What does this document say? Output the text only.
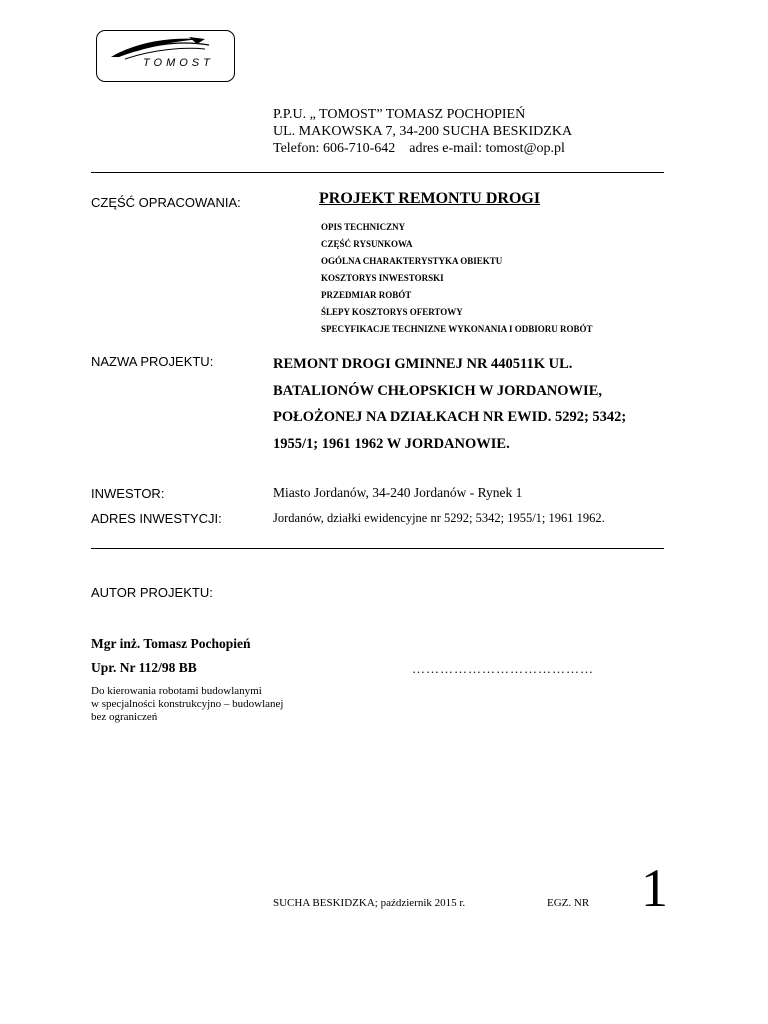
TOMOST
P.P.U. „ TOMOST” TOMASZ POCHOPIEŃ
UL. MAKOWSKA 7, 34-200 SUCHA BESKIDZKA
Telefon: 606-710-642    adres e-mail: tomost@op.pl
CZĘŚĆ OPRACOWANIA:	PROJEKT REMONTU DROGI
OPIS TECHNICZNY
CZĘŚĆ RYSUNKOWA
OGÓLNA CHARAKTERYSTYKA OBIEKTU
KOSZTORYS INWESTORSKI
PRZEDMIAR ROBÓT
ŚLEPY KOSZTORYS OFERTOWY
SPECYFIKACJE TECHNIZNE WYKONANIA I ODBIORU ROBÓT
NAZWA PROJEKTU:	REMONT DROGI GMINNEJ NR 440511K UL.
BATALIONÓW CHŁOPSKICH W JORDANOWIE,
POŁOŻONEJ NA DZIAŁKACH NR EWID. 5292; 5342;
1955/1; 1961 1962 W JORDANOWIE.
INWESTOR:	Miasto Jordanów, 34-240 Jordanów - Rynek 1
ADRES INWESTYCJI:	Jordanów, działki ewidencyjne nr 5292; 5342; 1955/1; 1961 1962.
AUTOR PROJEKTU:
Mgr inż. Tomasz Pochopień
Upr. Nr 112/98 BB	…………………………………
Do kierowania robotami budowlanymi
w specjalności konstrukcyjno – budowlanej
bez ograniczeń
SUCHA BESKIDZKA; październik 2015 r.	EGZ. NR 1
